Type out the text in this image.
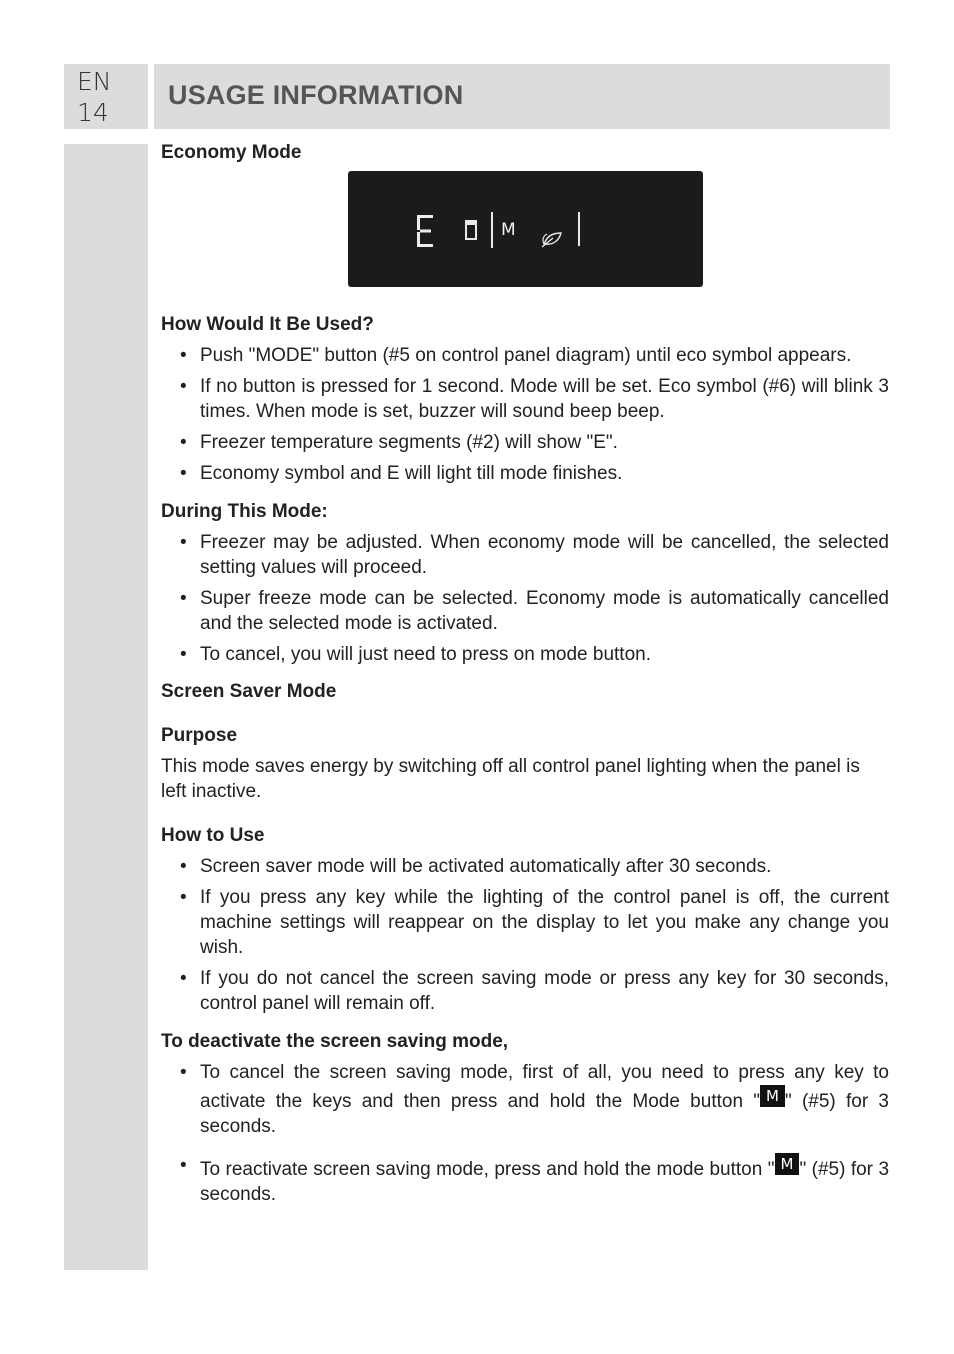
EN
14
USAGE INFORMATION
Economy Mode
M
How Would It Be Used?
• Push "MODE" button (#5 on control panel diagram) until eco symbol appears.
• If no button is pressed for 1 second. Mode will be set. Eco symbol (#6) will blink 3 times. When mode is set, buzzer will sound beep beep.
• Freezer temperature segments (#2) will show "E".
• Economy symbol and E will light till mode finishes.
During This Mode:
• Freezer may be adjusted. When economy mode will be cancelled, the selected setting values will proceed.
• Super freeze mode can be selected. Economy mode is automatically cancelled and the selected mode is activated.
• To cancel, you will just need to press on mode button.
Screen Saver Mode
Purpose

This mode saves energy by switching off all control panel lighting when the panel is left inactive.

How to Use
• Screen saver mode will be activated automatically after 30 seconds.
• If you press any key while the lighting of the control panel is off, the current machine settings will reappear on the display to let you make any change you wish.
• If you do not cancel the screen saving mode or press any key for 30 seconds, control panel will remain off.
To deactivate the screen saving mode,
• To cancel the screen saving mode, first of all, you need to press any key to activate the keys and then press and hold the Mode button " M " (#5) for 3 seconds.
• To reactivate screen saving mode, press and hold the mode button " M " (#5) for 3 seconds.
